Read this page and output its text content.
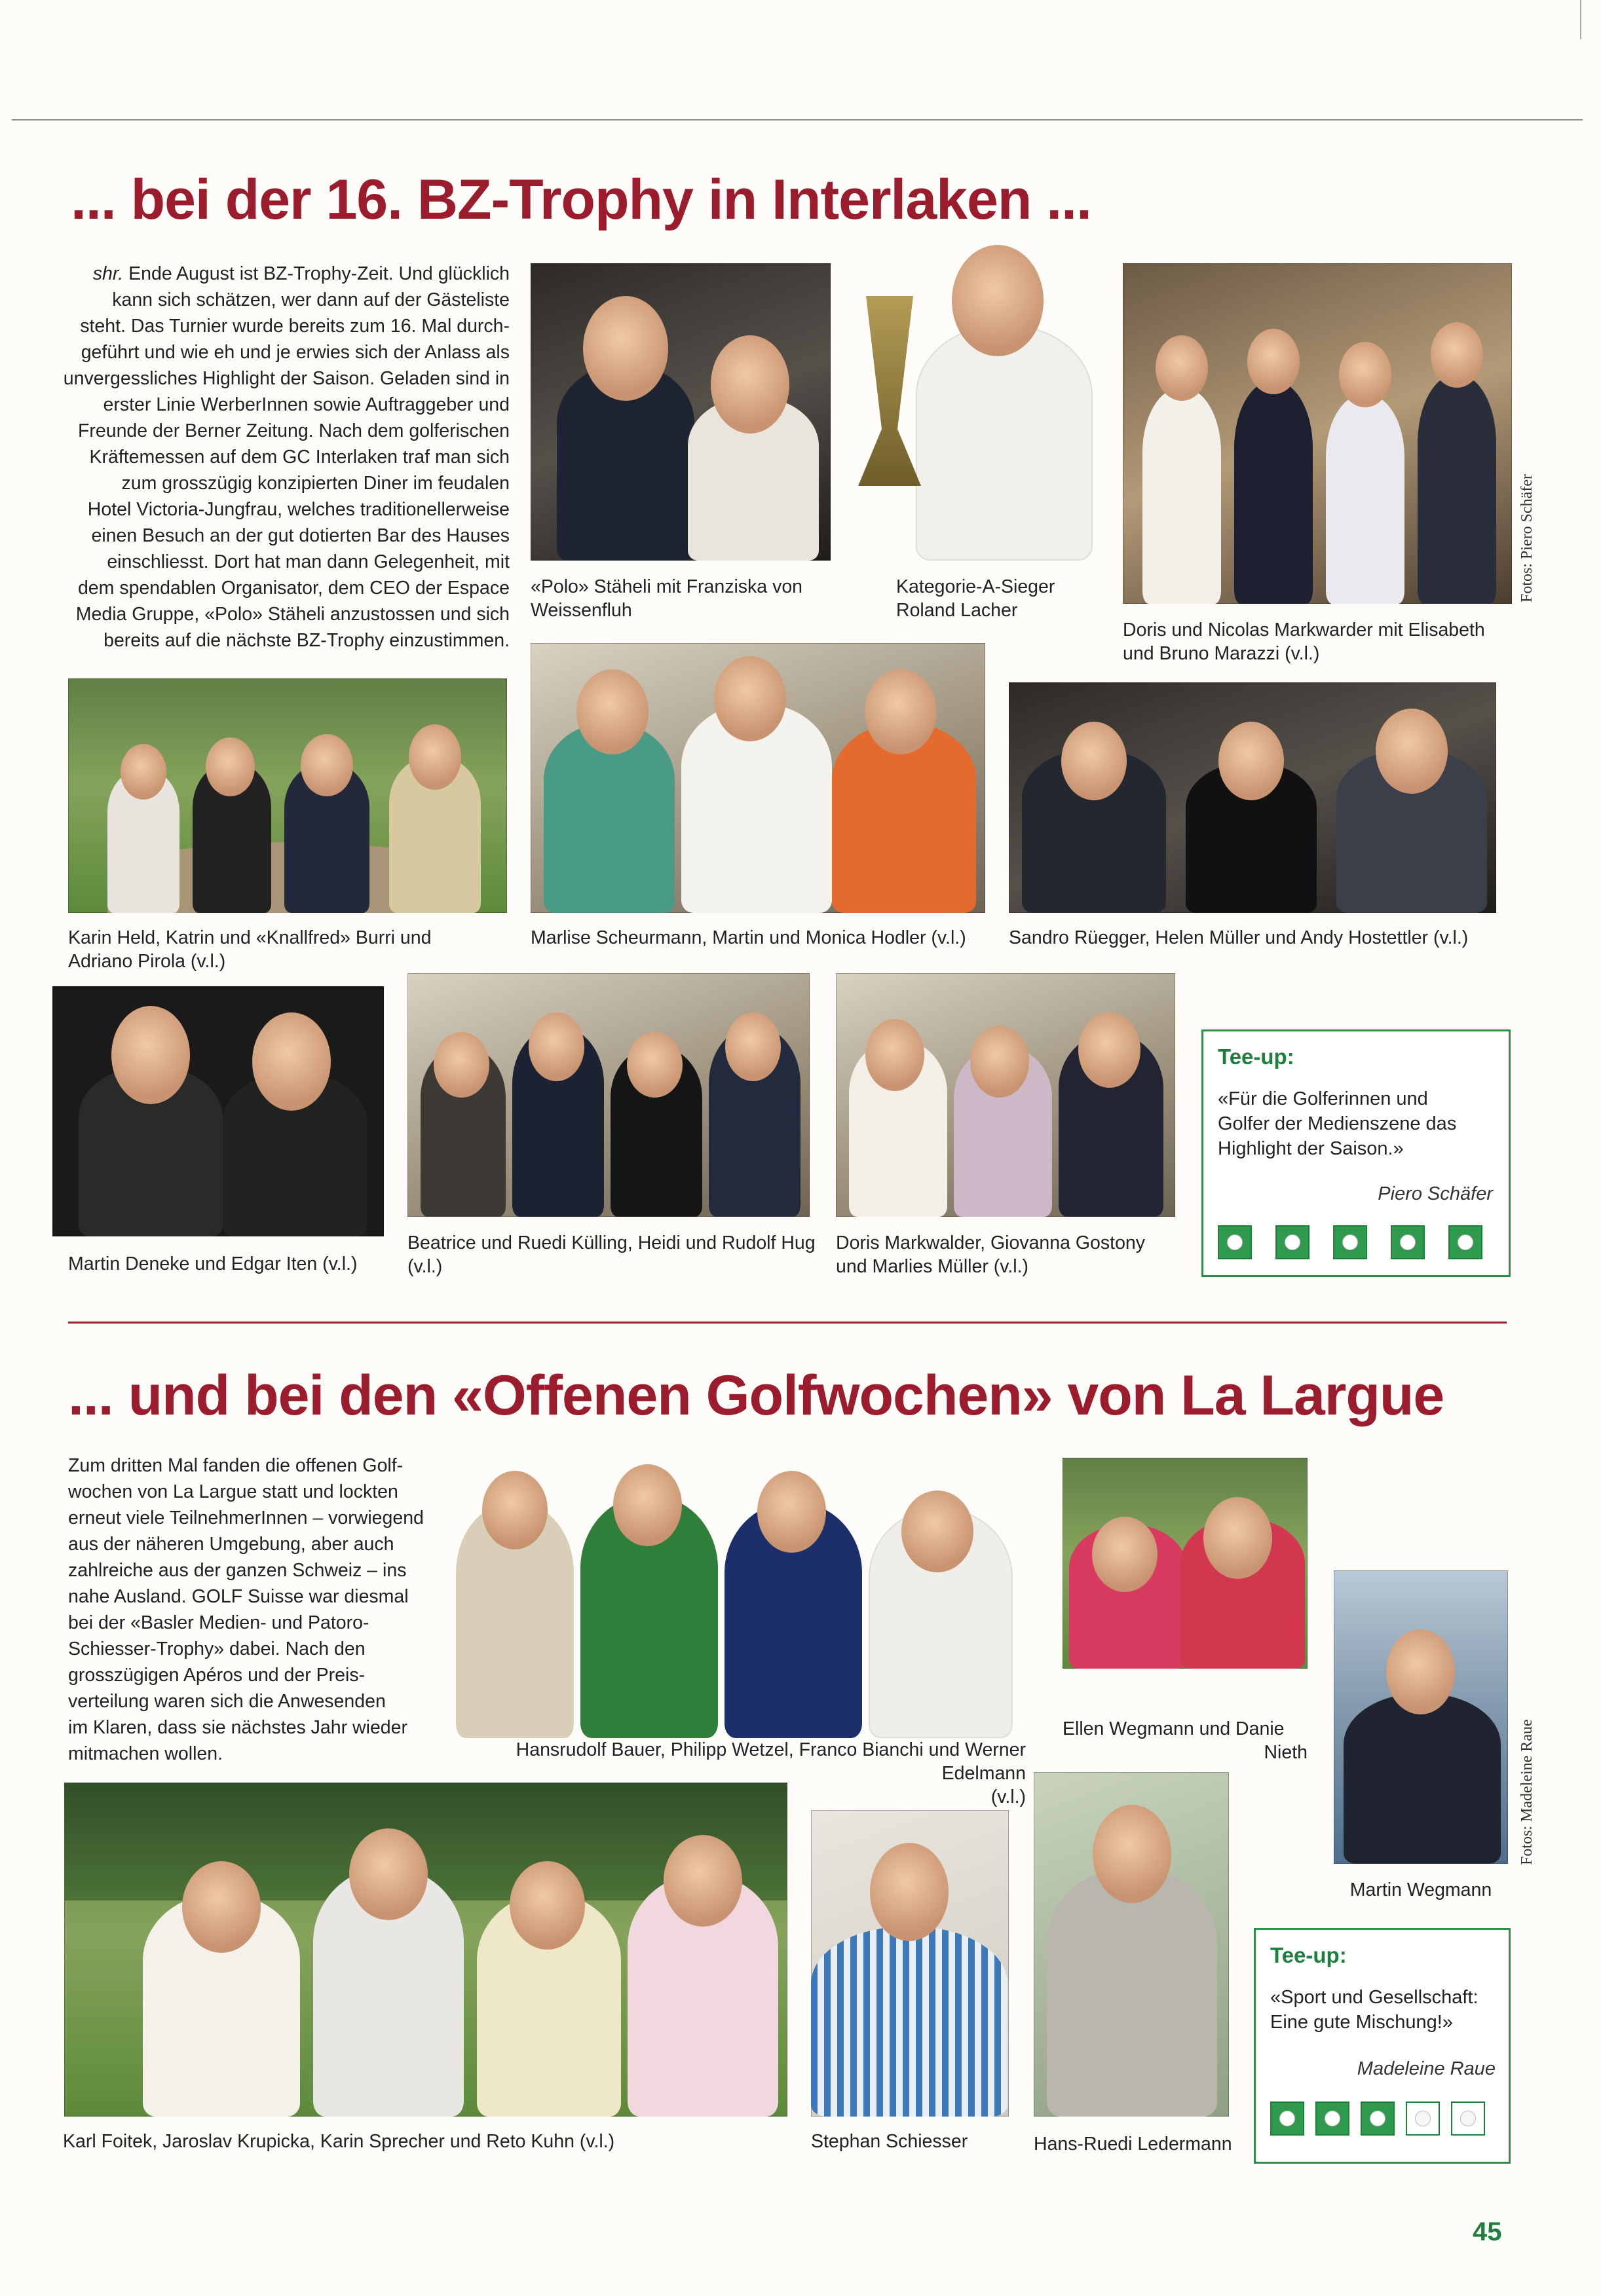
... bei der 16. BZ-Trophy in Interlaken ...
shr. Ende August ist BZ-Trophy-Zeit. Und glücklich
kann sich schätzen, wer dann auf der Gästeliste
steht. Das Turnier wurde bereits zum 16. Mal durch-
geführt und wie eh und je erwies sich der Anlass als
unvergessliches Highlight der Saison. Geladen sind in
erster Linie WerberInnen sowie Auftraggeber und
Freunde der Berner Zeitung. Nach dem golferischen
Kräftemessen auf dem GC Interlaken traf man sich
zum grosszügig konzipierten Diner im feudalen
Hotel Victoria-Jungfrau, welches traditionellerweise
einen Besuch an der gut dotierten Bar des Hauses
einschliesst. Dort hat man dann Gelegenheit, mit
dem spendablen Organisator, dem CEO der Espace
Media Gruppe, «Polo» Stäheli anzustossen und sich
bereits auf die nächste BZ-Trophy einzustimmen.
«Polo» Stäheli mit Franziska von
Weissenfluh
Kategorie-A-Sieger
Roland Lacher
Fotos: Piero Schäfer
Doris und Nicolas Markwarder mit Elisabeth
und Bruno Marazzi (v.l.)
Karin Held, Katrin und «Knallfred» Burri und
Adriano Pirola (v.l.)
Marlise Scheurmann, Martin und Monica Hodler (v.l.)	Sandro Rüegger, Helen Müller und Andy Hostettler (v.l.)
Martin Deneke und Edgar Iten (v.l.)
Beatrice und Ruedi Külling, Heidi und Rudolf Hug
(v.l.)
Doris Markwalder, Giovanna Gostony
und Marlies Müller (v.l.)
Tee-up:
«Für die Golferinnen und
Golfer der Medienszene das
Highlight der Saison.»
Piero Schäfer
... und bei den «Offenen Golfwochen» von La Largue
Zum dritten Mal fanden die offenen Golf-
wochen von La Largue statt und lockten
erneut viele TeilnehmerInnen – vorwiegend
aus der näheren Umgebung, aber auch
zahlreiche aus der ganzen Schweiz – ins
nahe Ausland. GOLF Suisse war diesmal
bei der «Basler Medien- und Patoro-
Schiesser-Trophy» dabei. Nach den
grosszügigen Apéros und der Preis-
verteilung waren sich die Anwesenden
im Klaren, dass sie nächstes Jahr wieder
mitmachen wollen.	Hansrudolf Bauer, Philipp Wetzel, Franco Bianchi und Werner Edelmann
(v.l.)
Ellen Wegmann und Danie
Nieth	Fotos: Madeleine Raue
Martin Wegmann
Karl Foitek, Jaroslav Krupicka, Karin Sprecher und Reto Kuhn (v.l.)	Stephan Schiesser	Hans-Ruedi Ledermann
Tee-up:
«Sport und Gesellschaft:
Eine gute Mischung!»
Madeleine Raue
45
